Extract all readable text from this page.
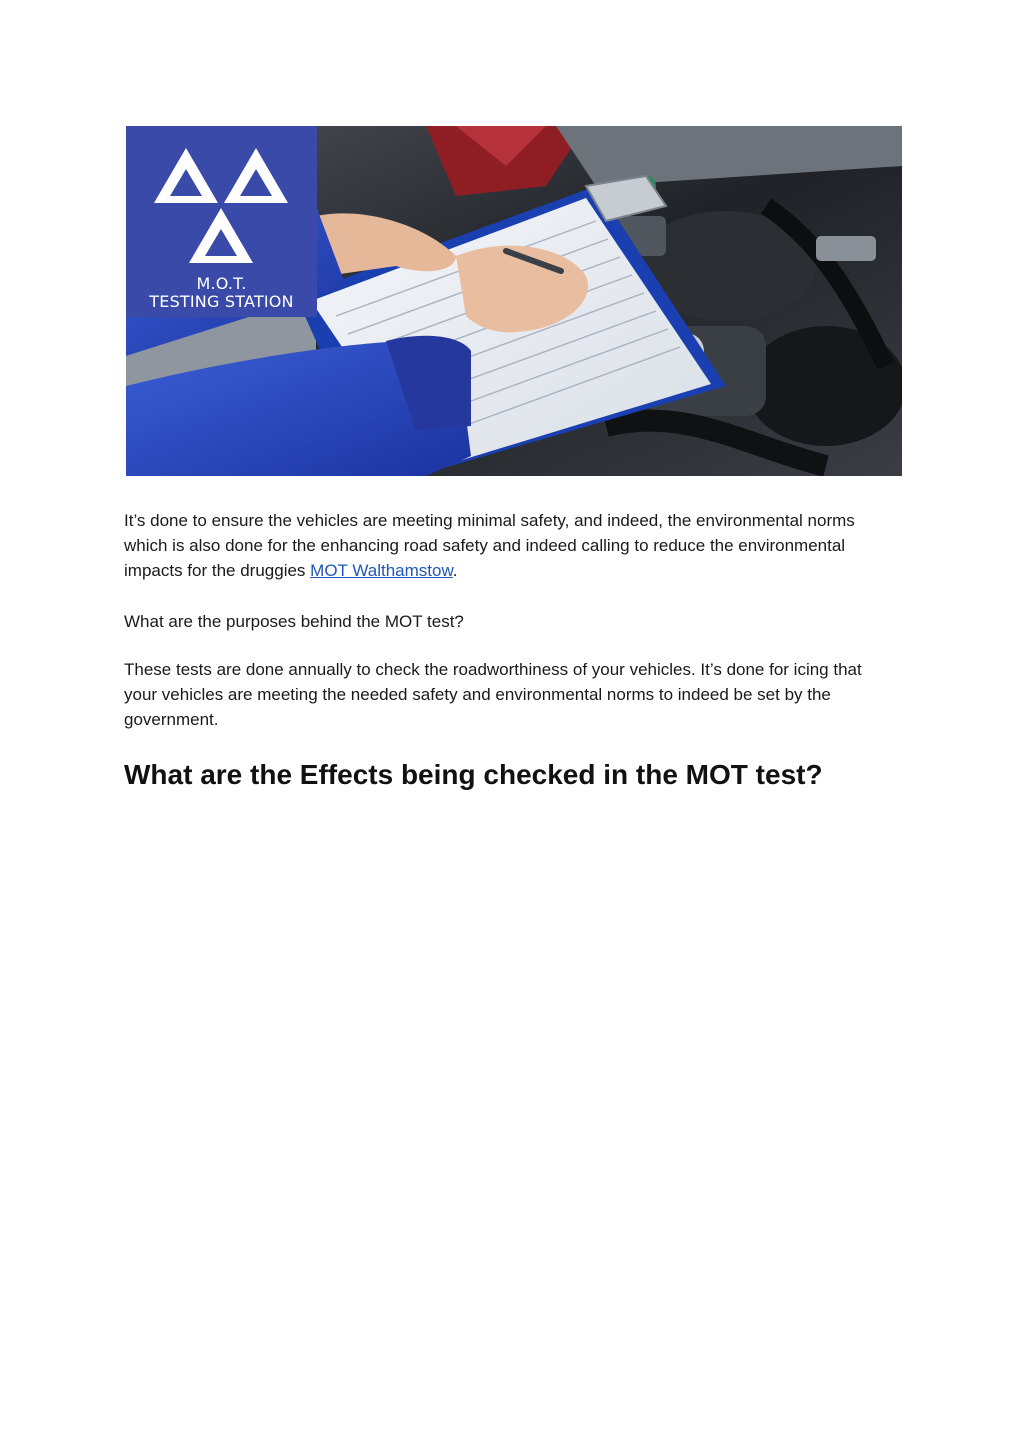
M.O.T.
TESTING STATION

It’s done to ensure the vehicles are meeting minimal safety, and indeed, the environmental norms which is also done for the enhancing road safety and indeed calling to reduce the environmental impacts for the druggies MOT Walthamstow.

What are the purposes behind the MOT test?

These tests are done annually to check the roadworthiness of your vehicles. It’s done for icing that your vehicles are meeting the needed safety and environmental norms to indeed be set by the government.

What are the Effects being checked in the MOT test?
